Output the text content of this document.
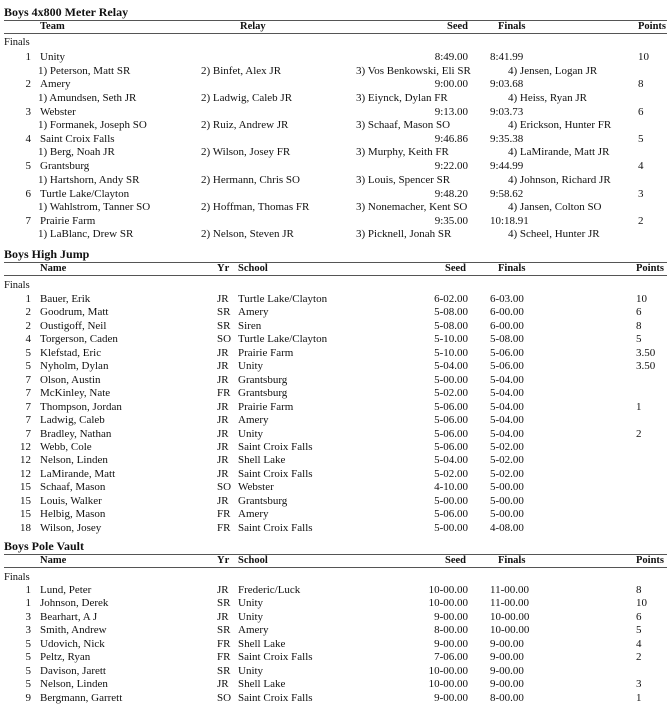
Boys 4x800 Meter Relay
Team	Relay	Seed	Finals	Points
Finals
1 Unity	8:49.00 8:41.99	10
1) Peterson, Matt SR	2) Binfet, Alex JR	3) Vos Benkowski, Eli SR	4) Jensen, Logan JR
2 Amery	9:00.00 9:03.68	8
1) Amundsen, Seth JR	2) Ladwig, Caleb JR	3) Eiynck, Dylan FR	4) Heiss, Ryan JR
3 Webster	9:13.00 9:03.73	6
1) Formanek, Joseph SO	2) Ruiz, Andrew JR	3) Schaaf, Mason SO	4) Erickson, Hunter FR
4 Saint Croix Falls	9:46.86 9:35.38	5
1) Berg, Noah JR	2) Wilson, Josey FR	3) Murphy, Keith FR	4) LaMirande, Matt JR
5 Grantsburg	9:22.00 9:44.99	4
1) Hartshorn, Andy SR	2) Hermann, Chris SO	3) Louis, Spencer SR	4) Johnson, Richard JR
6 Turtle Lake/Clayton	9:48.20 9:58.62	3
1) Wahlstrom, Tanner SO	2) Hoffman, Thomas FR	3) Nonemacher, Kent SO	4) Jansen, Colton SO
7 Prairie Farm	9:35.00 10:18.91	2
1) LaBlanc, Drew SR	2) Nelson, Steven JR	3) Picknell, Jonah SR	4) Scheel, Hunter JR
Boys High Jump
Name	Yr School	Seed	Finals	Points
Finals
1 Bauer, Erik	JR Turtle Lake/Clayton	6-02.00 6-03.00	10
2 Goodrum, Matt	SR Amery	5-08.00 6-00.00	6
2 Oustigoff, Neil	SR Siren	5-08.00 6-00.00	8
4 Torgerson, Caden	SO Turtle Lake/Clayton	5-10.00 5-08.00	5
5 Klefstad, Eric	JR Prairie Farm	5-10.00 5-06.00	3.50
5 Nyholm, Dylan	JR Unity	5-04.00 5-06.00	3.50
7 Olson, Austin	JR Grantsburg	5-00.00 5-04.00
7 McKinley, Nate	FR Grantsburg	5-02.00 5-04.00
7 Thompson, Jordan	JR Prairie Farm	5-06.00 5-04.00	1
7 Ladwig, Caleb	JR Amery	5-06.00 5-04.00
7 Bradley, Nathan	JR Unity	5-06.00 5-04.00	2
12 Webb, Cole	JR Saint Croix Falls	5-06.00 5-02.00
12 Nelson, Linden	JR Shell Lake	5-04.00 5-02.00
12 LaMirande, Matt	JR Saint Croix Falls	5-02.00 5-02.00
15 Schaaf, Mason	SO Webster	4-10.00 5-00.00
15 Louis, Walker	JR Grantsburg	5-00.00 5-00.00
15 Helbig, Mason	FR Amery	5-06.00 5-00.00
18 Wilson, Josey	FR Saint Croix Falls	5-00.00 4-08.00
Boys Pole Vault
Name	Yr School	Seed	Finals	Points
Finals
1 Lund, Peter	JR Frederic/Luck	10-00.00 11-00.00	8
1 Johnson, Derek	SR Unity	10-00.00 11-00.00	10
3 Bearhart, A J	JR Unity	9-00.00 10-00.00	6
3 Smith, Andrew	SR Amery	8-00.00 10-00.00	5
5 Udovich, Nick	FR Shell Lake	9-00.00 9-00.00	4
5 Peltz, Ryan	FR Saint Croix Falls	7-06.00 9-00.00	2
5 Davison, Jarett	SR Unity	10-00.00 9-00.00
5 Nelson, Linden	JR Shell Lake	10-00.00 9-00.00	3
9 Bergmann, Garrett	SO Saint Croix Falls	9-00.00 8-00.00	1
